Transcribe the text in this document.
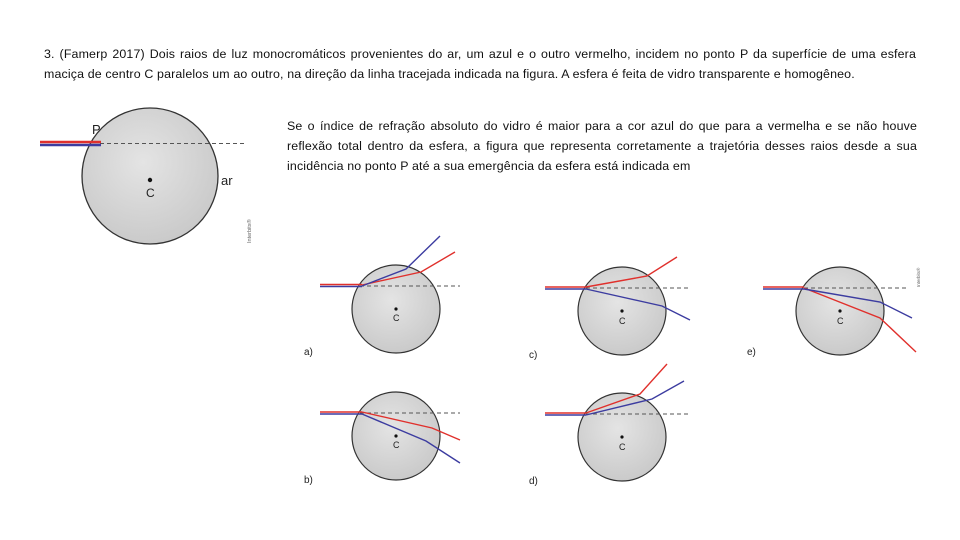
3. (Famerp 2017) Dois raios de luz monocromáticos provenientes do ar, um azul e o outro vermelho, incidem no ponto P da superfície de uma esfera maciça de centro C paralelos um ao outro, na direção da linha tracejada indicada na figura. A esfera é feita de vidro transparente e homogêneo.
Se o índice de refração absoluto do vidro é maior para a cor azul do que para a vermelha e se não houve reflexão total dentro da esfera, a figura que representa corretamente a trajetória desses raios desde a sua incidência no ponto P até a sua emergência da esfera está indicada em
P
C
ar
Interbits®
C
a)
C
b)
C
c)
C
d)
C
e)
Interbits®
